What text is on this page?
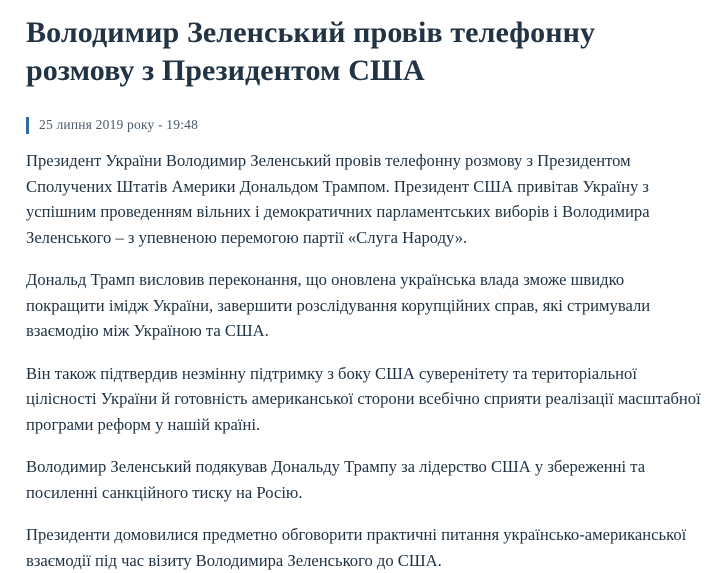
Володимир Зеленський провів телефонну розмову з Президентом США
25 липня 2019 року - 19:48

Президент України Володимир Зеленський провів телефонну розмову з Президентом Сполучених Штатів Америки Дональдом Трампом. Президент США привітав Україну з успішним проведенням вільних і демократичних парламентських виборів і Володимира Зеленського – з упевненою перемогою партії «Слуга Народу».

Дональд Трамп висловив переконання, що оновлена українська влада зможе швидко покращити імідж України, завершити розслідування корупційних справ, які стримували взаємодію між Україною та США.

Він також підтвердив незмінну підтримку з боку США суверенітету та територіальної цілісності України й готовність американської сторони всебічно сприяти реалізації масштабної програми реформ у нашій країні.

Володимир Зеленський подякував Дональду Трампу за лідерство США у збереженні та посиленні санкційного тиску на Росію.

Президенти домовилися предметно обговорити практичні питання українсько-американської взаємодії під час візиту Володимира Зеленського до США.
